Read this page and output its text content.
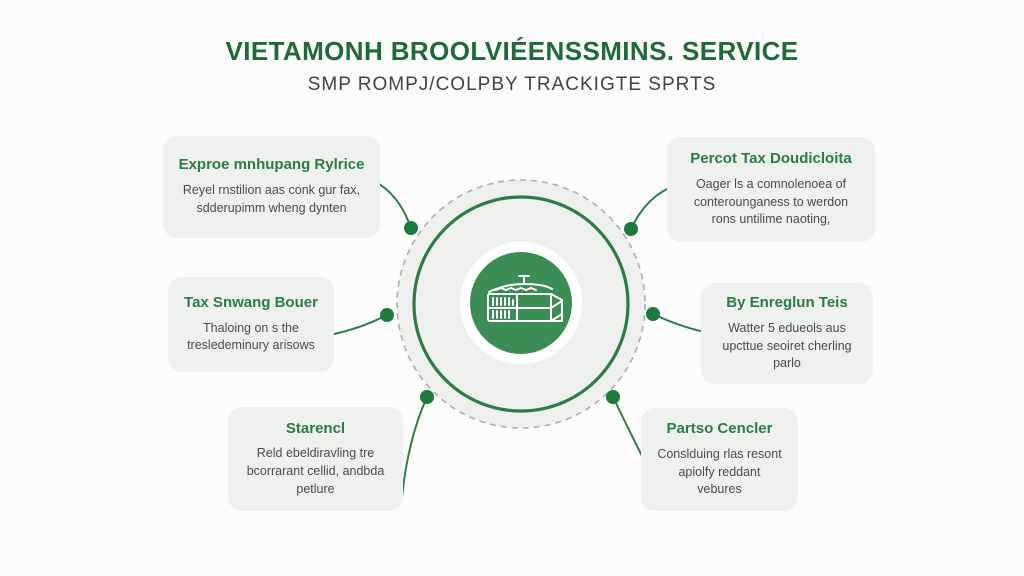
VIETAMONH BROOLVIÉENSSMINS. SERVICE
SMP ROMPJ/COLPBY TRACKIGTE SPRTS
Exproe mnhupang Rylrice
Reyel rnstilion aas conk gur fax, sdderupimm wheng dynten
Tax Snwang Bouer
Thaloing on s the tresledeminury arisows
Starencl
Reld ebeldiravling tre bcorrarant cellid, andbda petlure
Percot Tax Doudicloita
Oager ls a comnolenoea of conterounganess to werdon rons untilime naoting,
By Enreglun Teis
Watter 5 edueols aus upcttue seoiret cherling parlo
Partso Cencler
Conslduing rlas resont apiolfy reddant vebures
